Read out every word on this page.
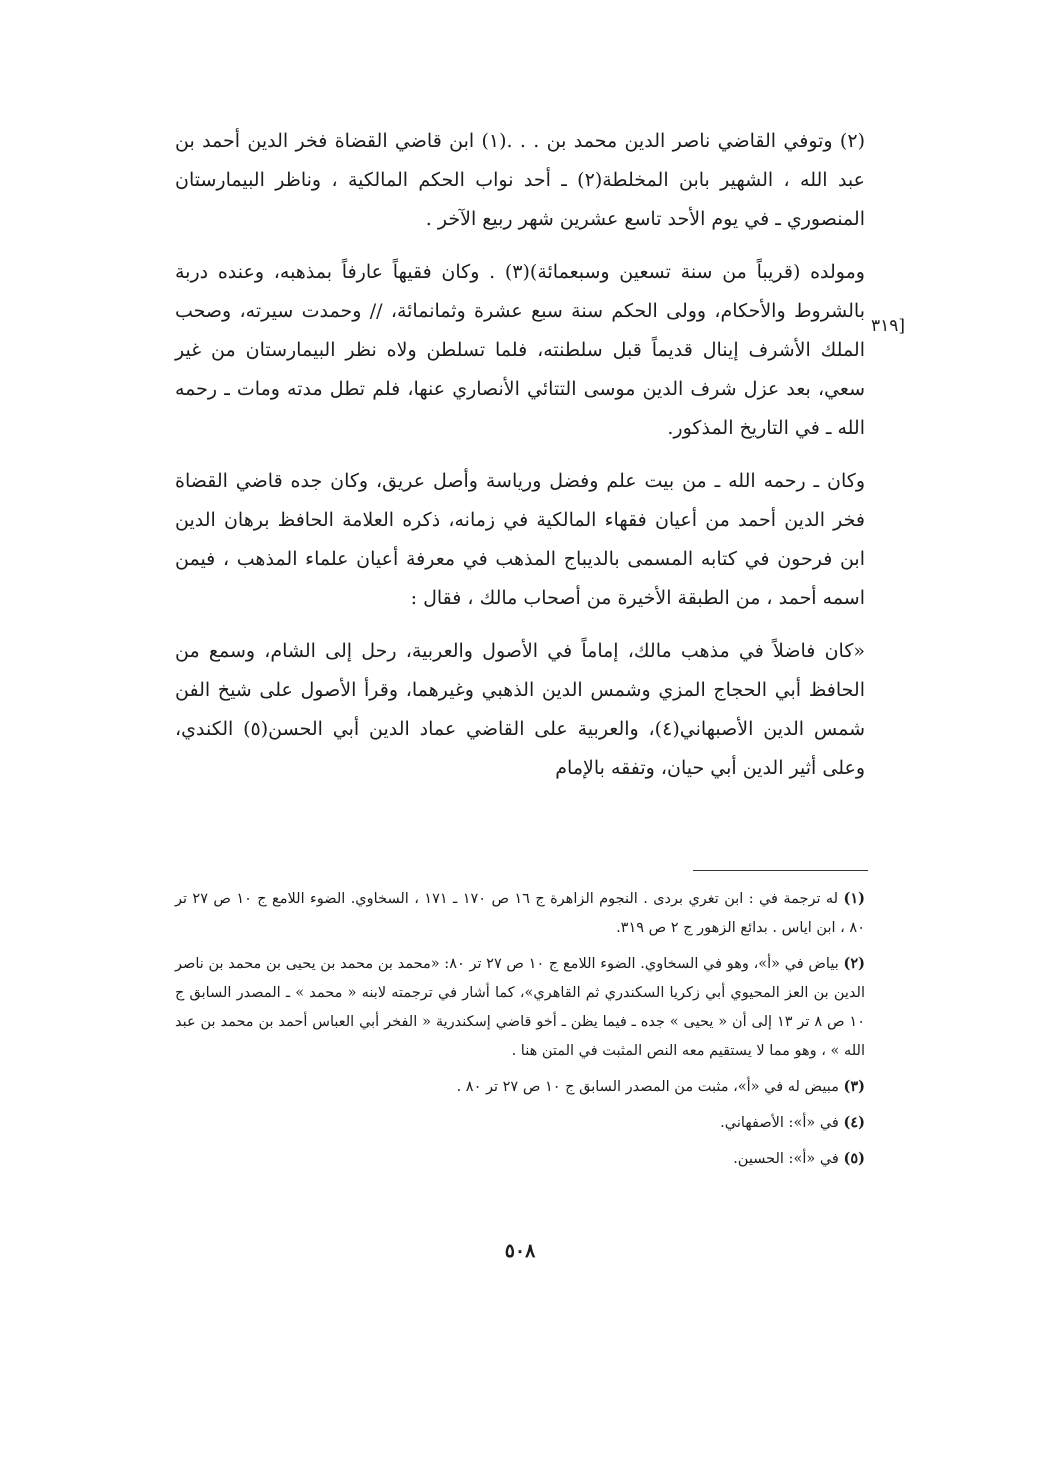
[٣١٩

(٢) وتوفي القاضي ناصر الدين محمد بن . . .(١) ابن قاضي القضاة فخر الدين أحمد بن عبد الله ، الشهير بابن المخلطة(٢) ـ أحد نواب الحكم المالكية ، وناظر البيمارستان المنصوري ـ في يوم الأحد تاسع عشرين شهر ربيع الآخر .

ومولده (قريباً من سنة تسعين وسبعمائة)(٣) . وكان فقيهاً عارفاً بمذهبه، وعنده دربة بالشروط والأحكام، وولى الحكم سنة سبع عشرة وثمانمائة، // وحمدت سيرته، وصحب الملك الأشرف إينال قديماً قبل سلطنته، فلما تسلطن ولاه نظر البيمارستان من غير سعي، بعد عزل شرف الدين موسى التتائي الأنصاري عنها، فلم تطل مدته ومات ـ رحمه الله ـ في التاريخ المذكور.

وكان ـ رحمه الله ـ من بيت علم وفضل ورياسة وأصل عريق، وكان جده قاضي القضاة فخر الدين أحمد من أعيان فقهاء المالكية في زمانه، ذكره العلامة الحافظ برهان الدين ابن فرحون في كتابه المسمى بالديباج المذهب في معرفة أعيان علماء المذهب ، فيمن اسمه أحمد ، من الطبقة الأخيرة من أصحاب مالك ، فقال :

«كان فاضلاً في مذهب مالك، إماماً في الأصول والعربية، رحل إلى الشام، وسمع من الحافظ أبي الحجاج المزي وشمس الدين الذهبي وغيرهما، وقرأ الأصول على شيخ الفن شمس الدين الأصبهاني(٤)، والعربية على القاضي عماد الدين أبي الحسن(٥) الكندي، وعلى أثير الدين أبي حيان، وتفقه بالإمام

(١) له ترجمة في : ابن تغري بردى . النجوم الزاهرة ج ١٦ ص ١٧٠ ـ ١٧١ ، السخاوي. الضوء اللامع ج ١٠ ص ٢٧ تر ٨٠ ، ابن اياس . بدائع الزهور ج ٢ ص ٣١٩.

(٢) بياض في «أ»، وهو في السخاوي. الضوء اللامع ج ١٠ ص ٢٧ تر ٨٠: «محمد بن محمد بن يحيى بن محمد بن ناصر الدين بن العز المحيوي أبي زكريا السكندري ثم القاهري»، كما أشار في ترجمته لابنه « محمد » ـ المصدر السابق ج ١٠ ص ٨ تر ١٣ إلى أن « يحيى » جده ـ فيما يظن ـ أخو قاضي إسكندرية « الفخر أبي العباس أحمد بن محمد بن عبد الله » ، وهو مما لا يستقيم معه النص المثبت في المتن هنا .

(٣) مبيض له في «أ»، مثبت من المصدر السابق ج ١٠ ص ٢٧ تر ٨٠ .

(٤) في «أ»: الأصفهاني.

(٥) في «أ»: الحسين.

٥٠٨
